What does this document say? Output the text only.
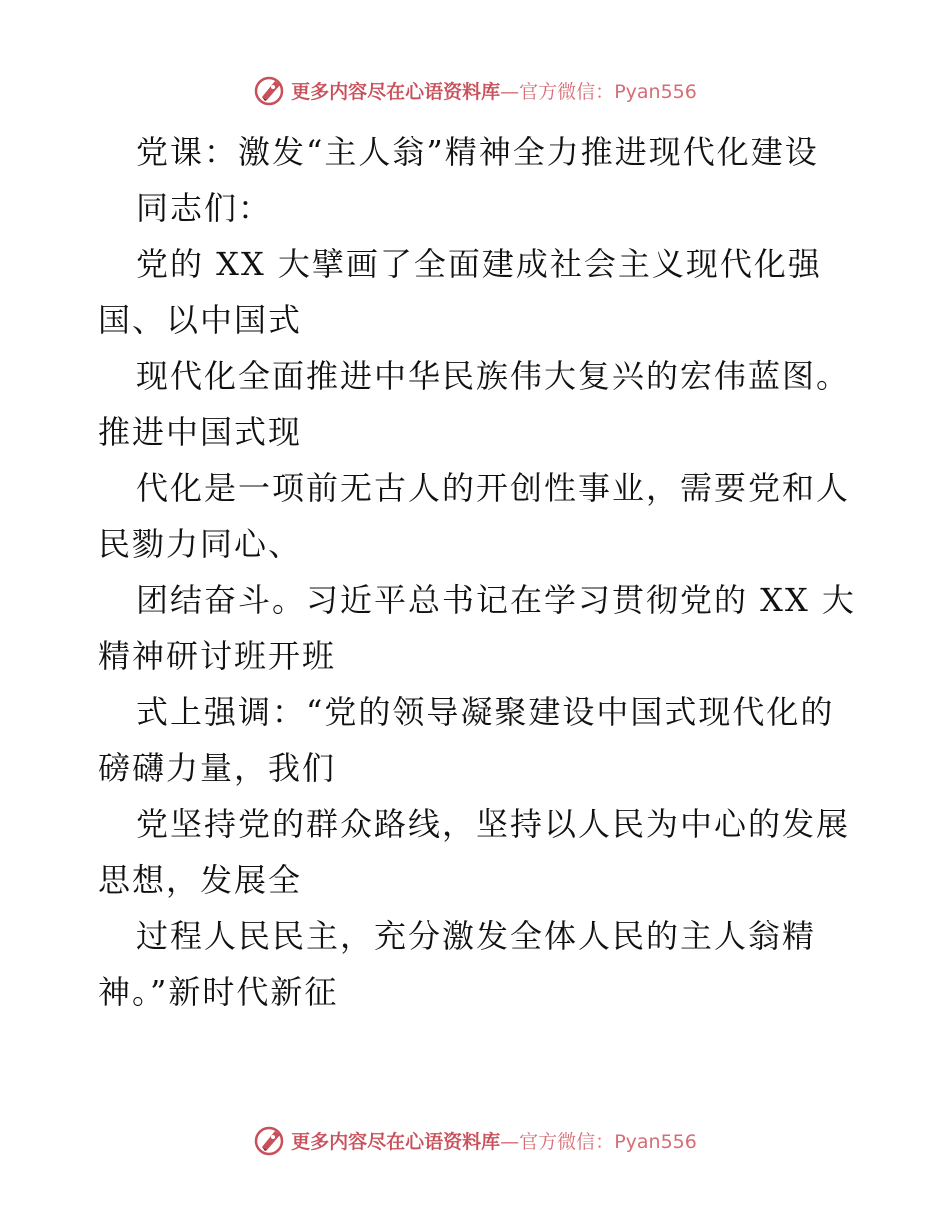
更多内容尽在心语资料库—官方微信：Pyan556
党课：激发“主人翁”精神全力推进现代化建设
同志们：
党的 XX 大擘画了全面建成社会主义现代化强
国、以中国式
现代化全面推进中华民族伟大复兴的宏伟蓝图。
推进中国式现
代化是一项前无古人的开创性事业，需要党和人
民勠力同心、
团结奋斗。习近平总书记在学习贯彻党的 XX 大
精神研讨班开班
式上强调：“党的领导凝聚建设中国式现代化的
磅礴力量，我们
党坚持党的群众路线，坚持以人民为中心的发展
思想，发展全
过程人民民主，充分激发全体人民的主人翁精
神。”新时代新征
更多内容尽在心语资料库—官方微信：Pyan556
